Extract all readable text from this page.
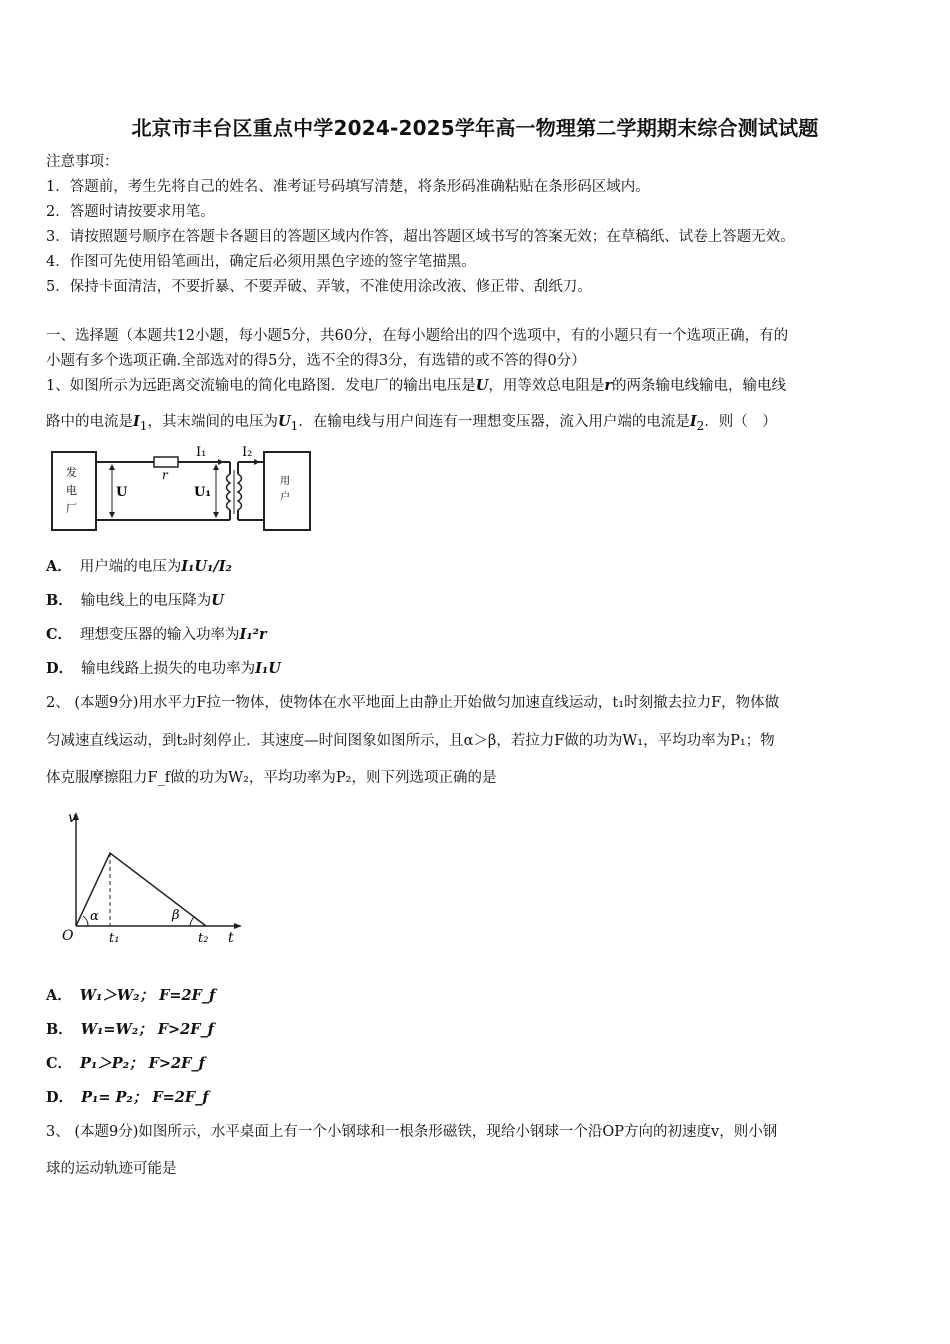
北京市丰台区重点中学2024-2025学年高一物理第二学期期末综合测试试题
注意事项：
1．答题前，考生先将自己的姓名、准考证号码填写清楚，将条形码准确粘贴在条形码区域内。
2．答题时请按要求用笔。
3．请按照题号顺序在答题卡各题目的答题区域内作答，超出答题区域书写的答案无效；在草稿纸、试卷上答题无效。
4．作图可先使用铅笔画出，确定后必须用黑色字迹的签字笔描黑。
5．保持卡面清洁，不要折暴、不要弄破、弄皱，不准使用涂改液、修正带、刮纸刀。
一、选择题（本题共12小题，每小题5分，共60分，在每小题给出的四个选项中，有的小题只有一个选项正确，有的
小题有多个选项正确.全部选对的得5分，选不全的得3分，有选错的或不答的得0分）
1、如图所示为远距离交流输电的简化电路图．发电厂的输出电压是U，用等效总电阻是r的两条输电线输电，输电线
路中的电流是$I_1$，其末端间的电压为$U_1$．在输电线与用户间连有一理想变压器，流入用户端的电流是$I_2$．则（　）
发
电
厂
用
户
U	U₁
r
I₁	I₂
A． 用户端的电压为I₁U₁/I₂
B． 输电线上的电压降为U
C． 理想变压器的输入功率为I₁²r
D． 输电线路上损失的电功率为I₁U
2、 (本题9分)用水平力F拉一物体，使物体在水平地面上由静止开始做匀加速直线运动，t₁时刻撤去拉力F，物体做
匀减速直线运动，到t₂时刻停止．其速度—时间图象如图所示，且α＞β，若拉力F做的功为W₁，平均功率为P₁；物
体克服摩擦阻力F_f做的功为W₂，平均功率为P₂，则下列选项正确的是
v
O	t₁	t₂ t
α	β
A． W₁＞W₂； F=2F_f
B． W₁=W₂； F>2F_f
C． P₁＞P₂； F>2F_f
D． P₁= P₂； F=2F_f
3、 (本题9分)如图所示，水平桌面上有一个小钢球和一根条形磁铁，现给小钢球一个沿OP方向的初速度v，则小钢
球的运动轨迹可能是
